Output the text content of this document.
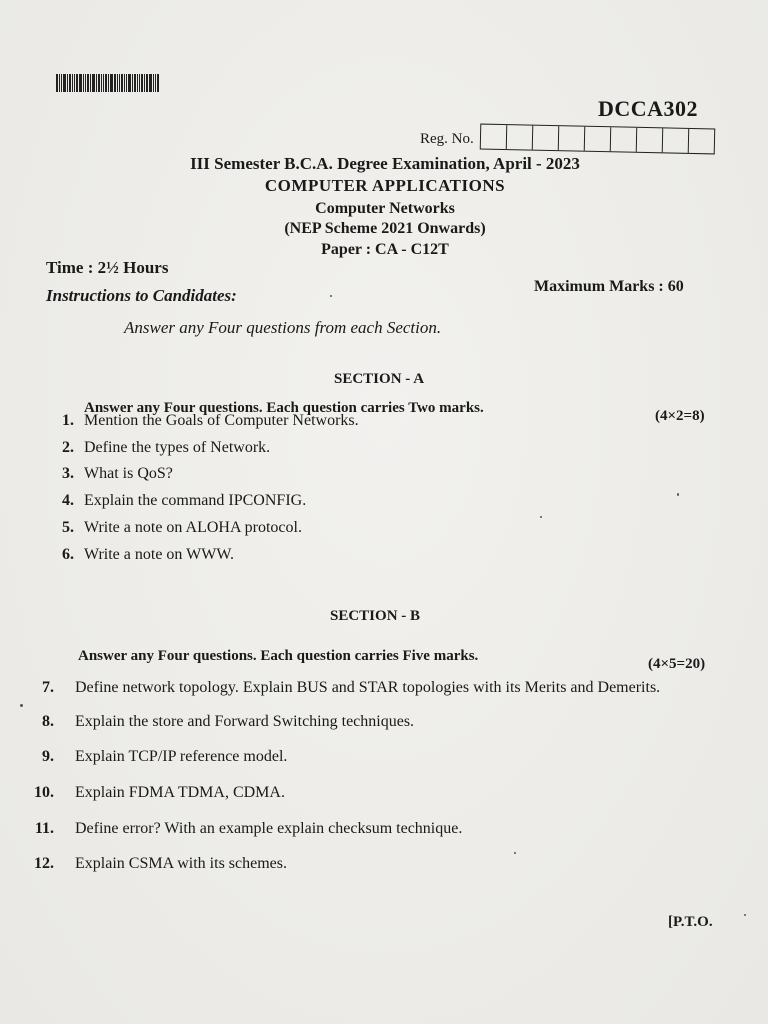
DCCA302
Reg. No.
III Semester B.C.A. Degree Examination, April - 2023
COMPUTER APPLICATIONS
Computer Networks
(NEP Scheme 2021 Onwards)
Paper : CA - C12T
Time : 2½ Hours
Maximum Marks : 60
Instructions to Candidates:
Answer any Four questions from each Section.
SECTION - A
Answer any Four questions. Each question carries Two marks.	(4×2=8)
1. Mention the Goals of Computer Networks.
2. Define the types of Network.
3. What is QoS?
4. Explain the command IPCONFIG.
5. Write a note on ALOHA protocol.
6. Write a note on WWW.
SECTION - B
Answer any Four questions. Each question carries Five marks.	(4×5=20)
7. Define network topology. Explain BUS and STAR topologies with its Merits and Demerits.
8. Explain the store and Forward Switching techniques.
9. Explain TCP/IP reference model.
10. Explain FDMA TDMA, CDMA.
11. Define error? With an example explain checksum technique.
12. Explain CSMA with its schemes.
[P.T.O.
